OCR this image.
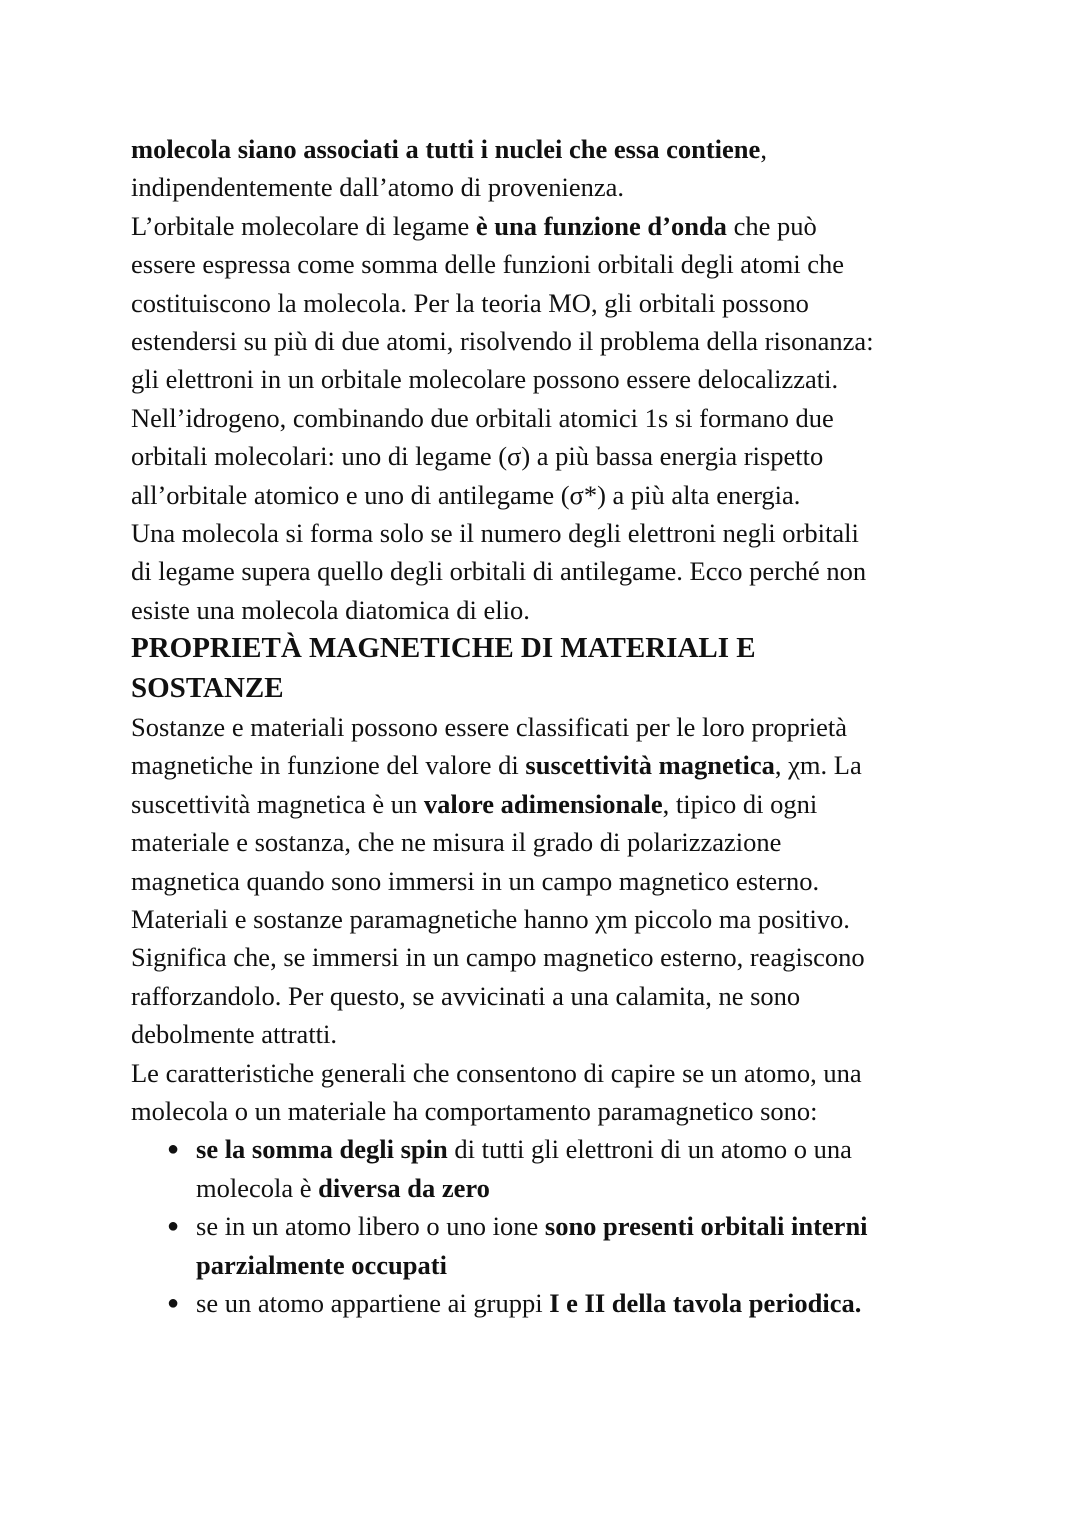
molecola siano associati a tutti i nuclei che essa contiene,
indipendentemente dall’atomo di provenienza.
L’orbitale molecolare di legame è una funzione d’onda che può
essere espressa come somma delle funzioni orbitali degli atomi che
costituiscono la molecola. Per la teoria MO, gli orbitali possono
estendersi su più di due atomi, risolvendo il problema della risonanza:
gli elettroni in un orbitale molecolare possono essere delocalizzati.
Nell’idrogeno, combinando due orbitali atomici 1s si formano due
orbitali molecolari: uno di legame (σ) a più bassa energia rispetto
all’orbitale atomico e uno di antilegame (σ*) a più alta energia.
Una molecola si forma solo se il numero degli elettroni negli orbitali
di legame supera quello degli orbitali di antilegame. Ecco perché non
esiste una molecola diatomica di elio.
PROPRIETÀ MAGNETICHE DI MATERIALI E
SOSTANZE
Sostanze e materiali possono essere classificati per le loro proprietà
magnetiche in funzione del valore di suscettività magnetica, χm. La
suscettività magnetica è un valore adimensionale, tipico di ogni
materiale e sostanza, che ne misura il grado di polarizzazione
magnetica quando sono immersi in un campo magnetico esterno.
Materiali e sostanze paramagnetiche hanno χm piccolo ma positivo.
Significa che, se immersi in un campo magnetico esterno, reagiscono
rafforzandolo. Per questo, se avvicinati a una calamita, ne sono
debolmente attratti.
Le caratteristiche generali che consentono di capire se un atomo, una
molecola o un materiale ha comportamento paramagnetico sono:
● se la somma degli spin di tutti gli elettroni di un atomo o una
molecola è diversa da zero
● se in un atomo libero o uno ione sono presenti orbitali interni
parzialmente occupati
● se un atomo appartiene ai gruppi I e II della tavola periodica.
